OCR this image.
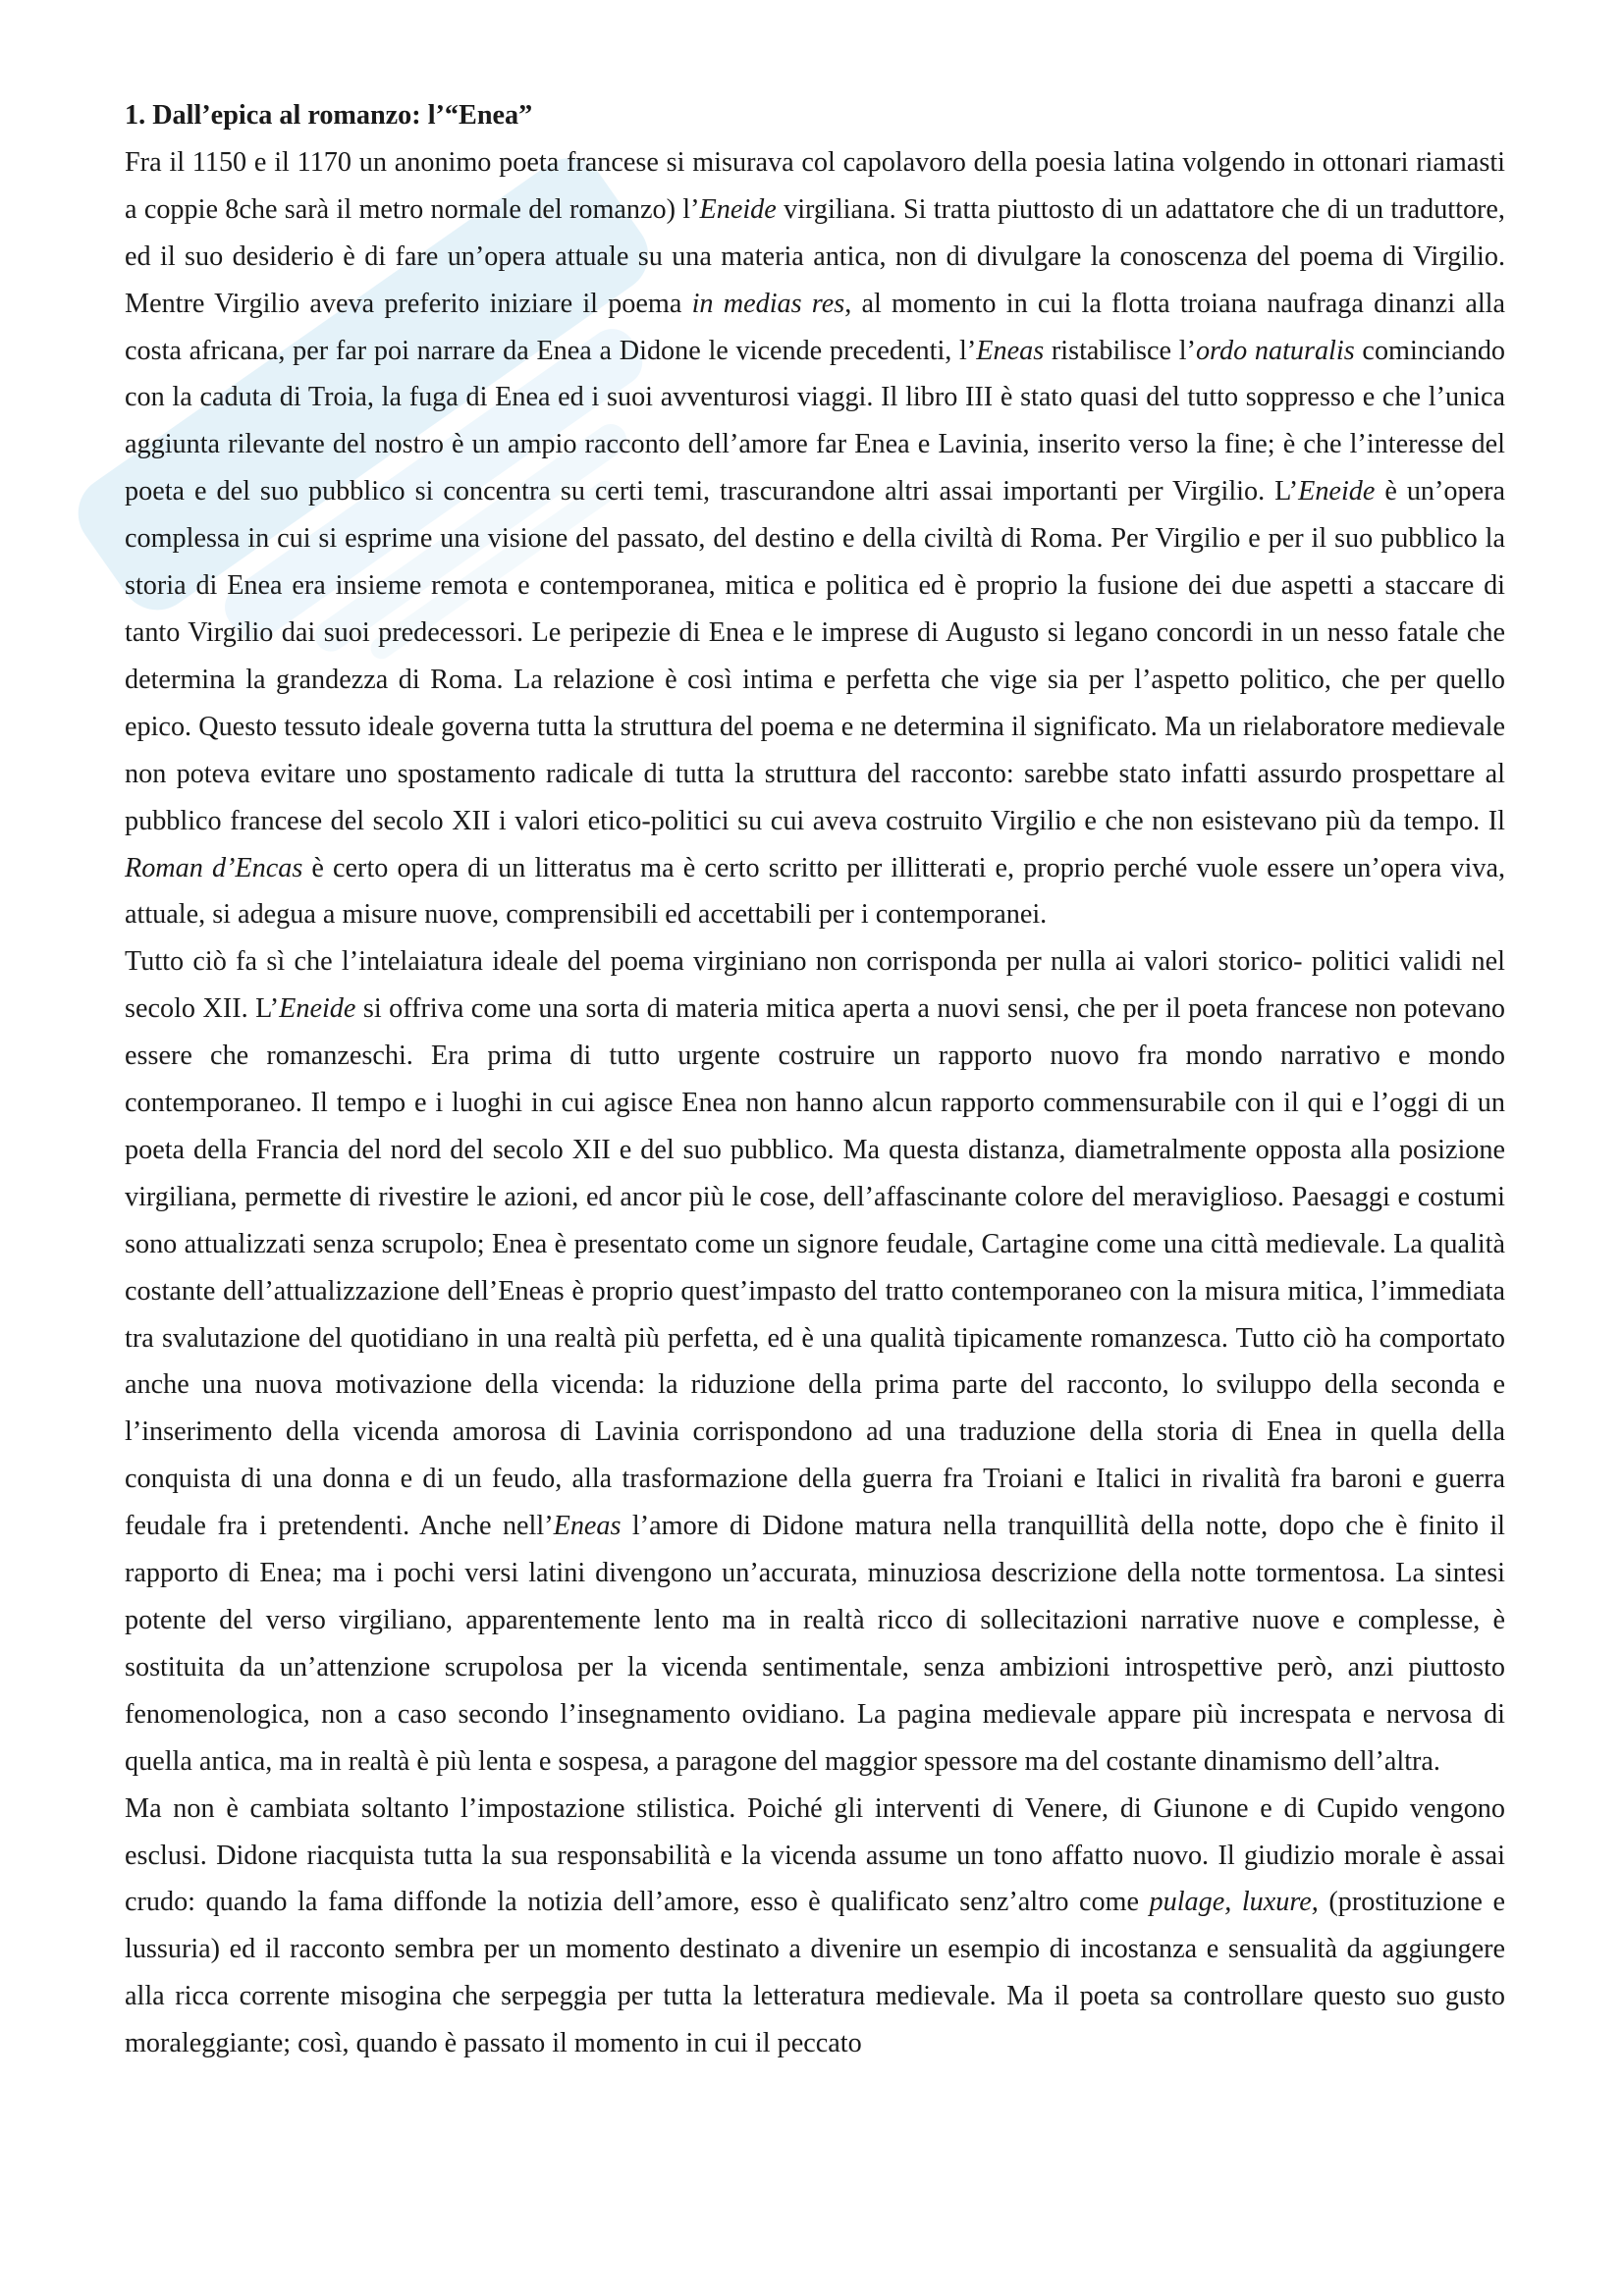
1. Dall’epica al romanzo: l’“Enea”

Fra il 1150 e il 1170 un anonimo poeta francese si misurava col capolavoro della poesia latina volgendo in ottonari riamasti a coppie 8che sarà il metro normale del romanzo) l’Eneide virgiliana. Si tratta piuttosto di un adattatore che di un traduttore, ed il suo desiderio è di fare un’opera attuale su una materia antica, non di divulgare la conoscenza del poema di Virgilio. Mentre Virgilio aveva preferito iniziare il poema in medias res, al momento in cui la flotta troiana naufraga dinanzi alla costa africana, per far poi narrare da Enea a Didone le vicende precedenti, l’Eneas ristabilisce l’ordo naturalis cominciando con la caduta di Troia, la fuga di Enea ed i suoi avventurosi viaggi. Il libro III è stato quasi del tutto soppresso e che l’unica aggiunta rilevante del nostro è un ampio racconto dell’amore far Enea e Lavinia, inserito verso la fine; è che l’interesse del poeta e del suo pubblico si concentra su certi temi, trascurandone altri assai importanti per Virgilio. L’Eneide è un’opera complessa in cui si esprime una visione del passato, del destino e della civiltà di Roma. Per Virgilio e per il suo pubblico la storia di Enea era insieme remota e contemporanea, mitica e politica ed è proprio la fusione dei due aspetti a staccare di tanto Virgilio dai suoi predecessori. Le peripezie di Enea e le imprese di Augusto si legano concordi in un nesso fatale che determina la grandezza di Roma. La relazione è così intima e perfetta che vige sia per l’aspetto politico, che per quello epico. Questo tessuto ideale governa tutta la struttura del poema e ne determina il significato. Ma un rielaboratore medievale non poteva evitare uno spostamento radicale di tutta la struttura del racconto: sarebbe stato infatti assurdo prospettare al pubblico francese del secolo XII i valori etico-politici su cui aveva costruito Virgilio e che non esistevano più da tempo. Il Roman d’Encas è certo opera di un litteratus ma è certo scritto per illitterati e, proprio perché vuole essere un’opera viva, attuale, si adegua a misure nuove, comprensibili ed accettabili per i contemporanei.

Tutto ciò fa sì che l’intelaiatura ideale del poema virginiano non corrisponda per nulla ai valori storico- politici validi nel secolo XII. L’Eneide si offriva come una sorta di materia mitica aperta a nuovi sensi, che per il poeta francese non potevano essere che romanzeschi. Era prima di tutto urgente costruire un rapporto nuovo fra mondo narrativo e mondo contemporaneo. Il tempo e i luoghi in cui agisce Enea non hanno alcun rapporto commensurabile con il qui e l’oggi di un poeta della Francia del nord del secolo XII e del suo pubblico. Ma questa distanza, diametralmente opposta alla posizione virgiliana, permette di rivestire le azioni, ed ancor più le cose, dell’affascinante colore del meraviglioso. Paesaggi e costumi sono attualizzati senza scrupolo; Enea è presentato come un signore feudale, Cartagine come una città medievale. La qualità costante dell’attualizzazione dell’Eneas è proprio quest’impasto del tratto contemporaneo con la misura mitica, l’immediata tra svalutazione del quotidiano in una realtà più perfetta, ed è una qualità tipicamente romanzesca. Tutto ciò ha comportato anche una nuova motivazione della vicenda: la riduzione della prima parte del racconto, lo sviluppo della seconda e l’inserimento della vicenda amorosa di Lavinia corrispondono ad una traduzione della storia di Enea in quella della conquista di una donna e di un feudo, alla trasformazione della guerra fra Troiani e Italici in rivalità fra baroni e guerra feudale fra i pretendenti. Anche nell’Eneas l’amore di Didone matura nella tranquillità della notte, dopo che è finito il rapporto di Enea; ma i pochi versi latini divengono un’accurata, minuziosa descrizione della notte tormentosa. La sintesi potente del verso virgiliano, apparentemente lento ma in realtà ricco di sollecitazioni narrative nuove e complesse, è sostituita da un’attenzione scrupolosa per la vicenda sentimentale, senza ambizioni introspettive però, anzi piuttosto fenomenologica, non a caso secondo l’insegnamento ovidiano. La pagina medievale appare più increspata e nervosa di quella antica, ma in realtà è più lenta e sospesa, a paragone del maggior spessore ma del costante dinamismo dell’altra.

Ma non è cambiata soltanto l’impostazione stilistica. Poiché gli interventi di Venere, di Giunone e di Cupido vengono esclusi. Didone riacquista tutta la sua responsabilità e la vicenda assume un tono affatto nuovo. Il giudizio morale è assai crudo: quando la fama diffonde la notizia dell’amore, esso è qualificato senz’altro come pulage, luxure, (prostituzione e lussuria) ed il racconto sembra per un momento destinato a divenire un esempio di incostanza e sensualità da aggiungere alla ricca corrente misogina che serpeggia per tutta la letteratura medievale. Ma il poeta sa controllare questo suo gusto moraleggiante; così, quando è passato il momento in cui il peccato
